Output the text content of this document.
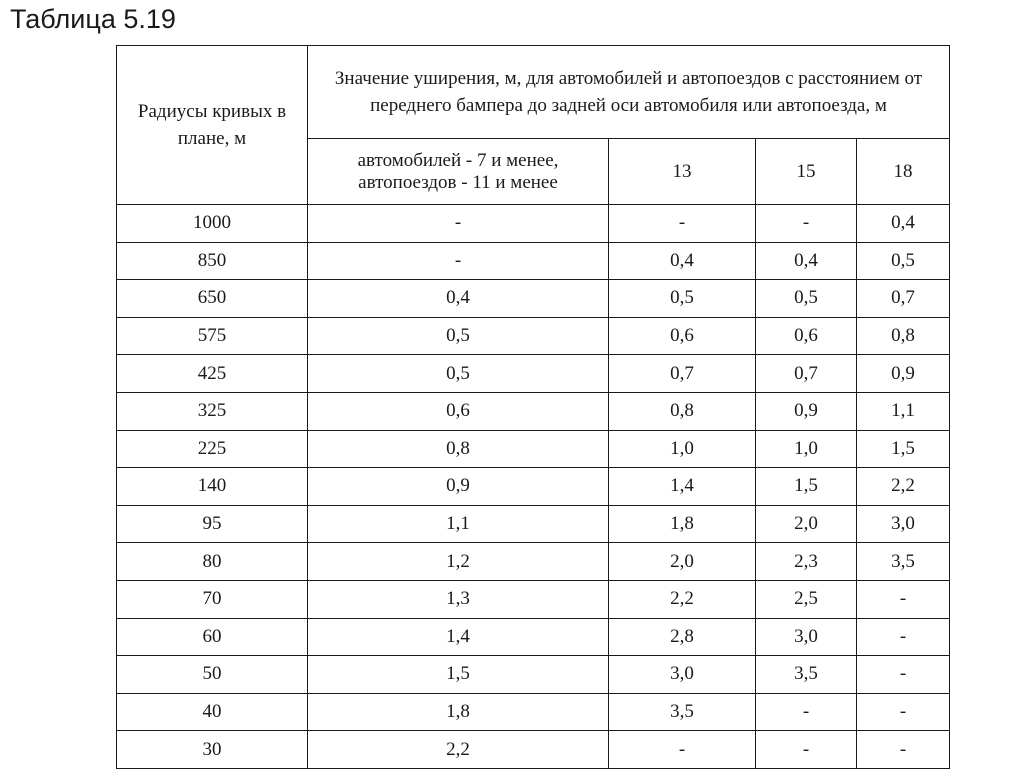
Таблица 5.19
Радиусы кривых в плане, м	Значение уширения, м, для автомобилей и автопоездов с расстоянием от переднего бампера до задней оси автомобиля или автопоезда, м			
	автомобилей - 7 и менее, автопоездов - 11 и менее	13	15	18
1000	-	-	-	0,4
850	-	0,4	0,4	0,5
650	0,4	0,5	0,5	0,7
575	0,5	0,6	0,6	0,8
425	0,5	0,7	0,7	0,9
325	0,6	0,8	0,9	1,1
225	0,8	1,0	1,0	1,5
140	0,9	1,4	1,5	2,2
95	1,1	1,8	2,0	3,0
80	1,2	2,0	2,3	3,5
70	1,3	2,2	2,5	-
60	1,4	2,8	3,0	-
50	1,5	3,0	3,5	-
40	1,8	3,5	-	-
30	2,2	-	-	-
